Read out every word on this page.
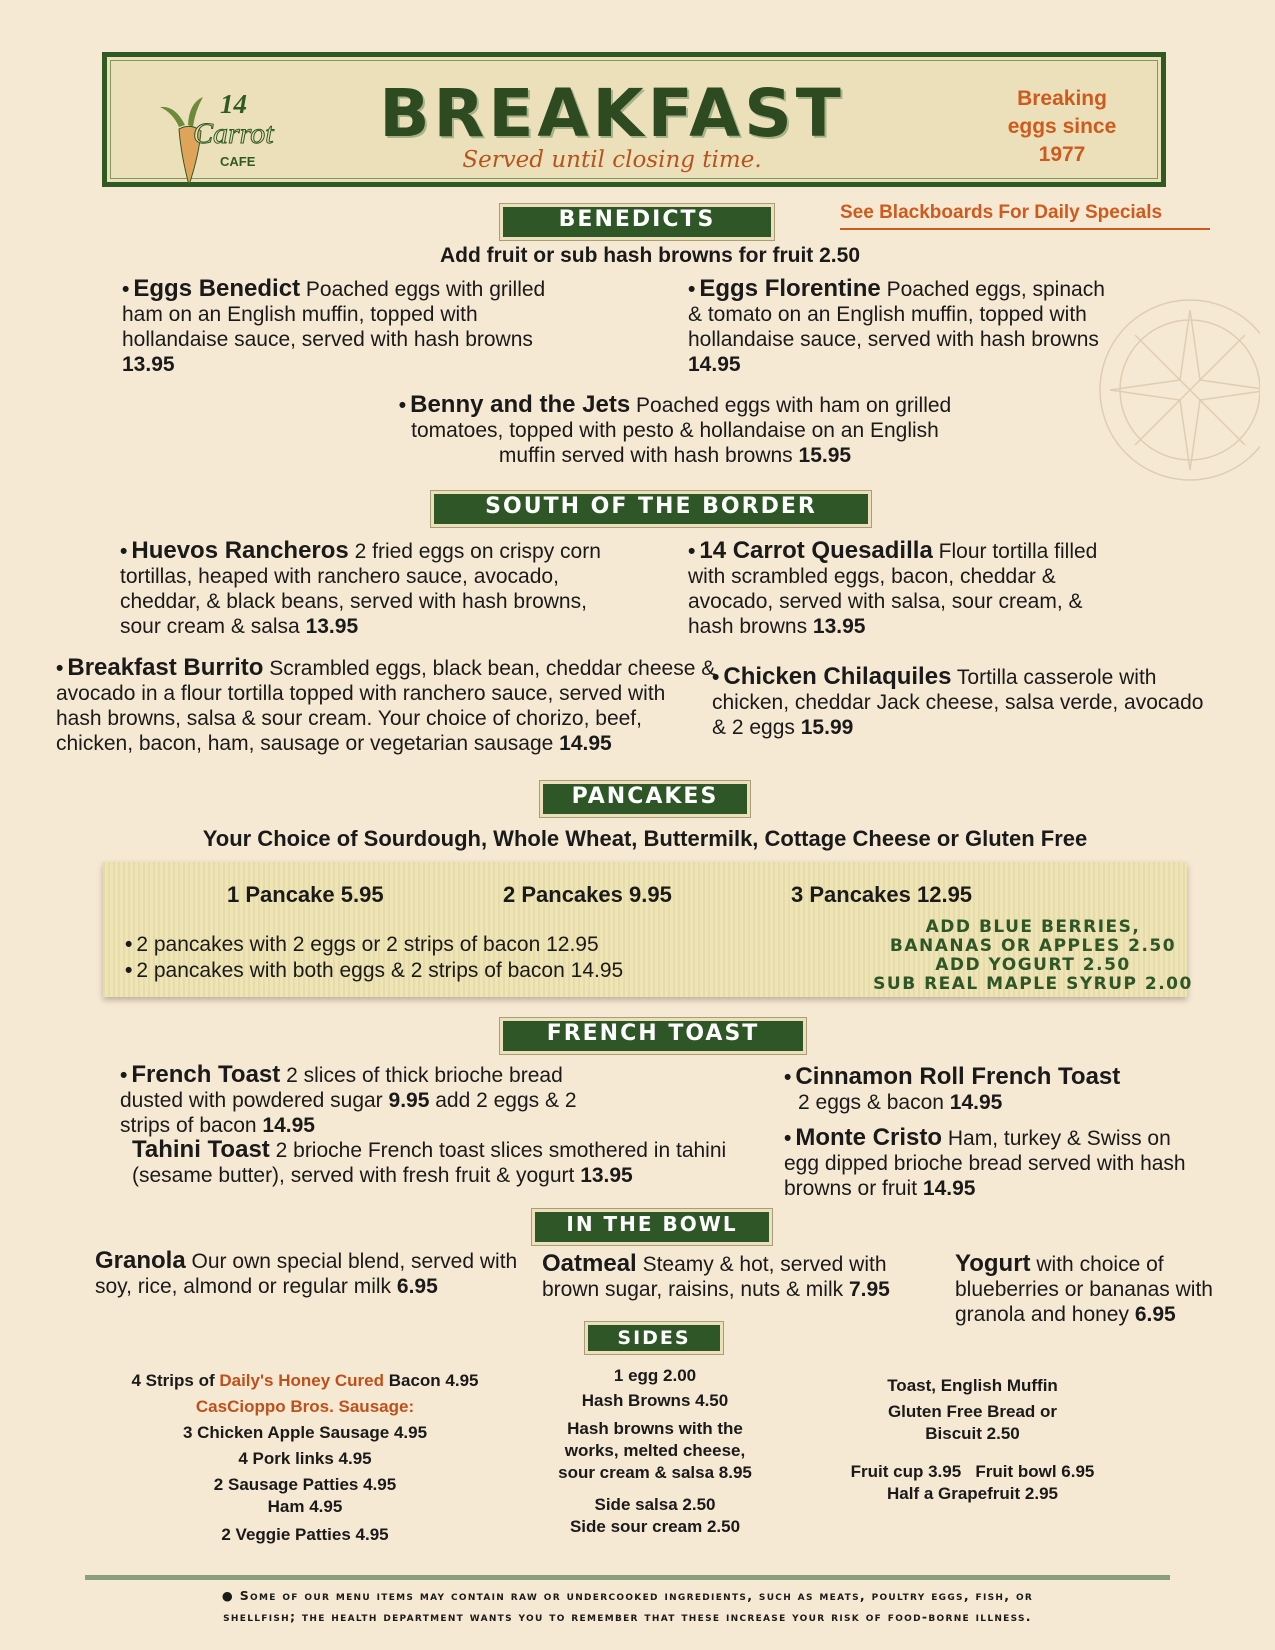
14
Carrot
CAFE
BREAKFAST
Served until closing time.
Breaking
eggs since
1977
BENEDICTS	See Blackboards For Daily Specials
Add fruit or sub hash browns for fruit 2.50
• Eggs Benedict Poached eggs with grilled ham on an English muffin, topped with hollandaise sauce, served with hash browns 13.95
• Eggs Florentine Poached eggs, spinach & tomato on an English muffin, topped with hollandaise sauce, served with hash browns 14.95
• Benny and the Jets Poached eggs with ham on grilled tomatoes, topped with pesto & hollandaise on an English muffin served with hash browns 15.95
SOUTH OF THE BORDER
• Huevos Rancheros 2 fried eggs on crispy corn tortillas, heaped with ranchero sauce, avocado, cheddar, & black beans, served with hash browns, sour cream & salsa 13.95
• 14 Carrot Quesadilla Flour tortilla filled with scrambled eggs, bacon, cheddar & avocado, served with salsa, sour cream, & hash browns 13.95
• Breakfast Burrito Scrambled eggs, black bean, cheddar cheese & avocado in a flour tortilla topped with ranchero sauce, served with hash browns, salsa & sour cream. Your choice of chorizo, beef, chicken, bacon, ham, sausage or vegetarian sausage 14.95
• Chicken Chilaquiles Tortilla casserole with chicken, cheddar Jack cheese, salsa verde, avocado & 2 eggs 15.99
PANCAKES
Your Choice of Sourdough, Whole Wheat, Buttermilk, Cottage Cheese or Gluten Free
1 Pancake 5.95	2 Pancakes 9.95	3 Pancakes 12.95
• 2 pancakes with 2 eggs or 2 strips of bacon 12.95
• 2 pancakes with both eggs & 2 strips of bacon 14.95
ADD BLUE BERRIES,
BANANAS OR APPLES 2.50
ADD YOGURT 2.50
SUB REAL MAPLE SYRUP 2.00
FRENCH TOAST
• French Toast 2 slices of thick brioche bread dusted with powdered sugar 9.95 add 2 eggs & 2 strips of bacon 14.95
Tahini Toast 2 brioche French toast slices smothered in tahini (sesame butter), served with fresh fruit & yogurt 13.95
• Cinnamon Roll French Toast
2 eggs & bacon 14.95
• Monte Cristo Ham, turkey & Swiss on egg dipped brioche bread served with hash browns or fruit 14.95
IN THE BOWL
Granola Our own special blend, served with soy, rice, almond or regular milk 6.95
Oatmeal Steamy & hot, served with brown sugar, raisins, nuts & milk 7.95
Yogurt with choice of blueberries or bananas with granola and honey 6.95
SIDES
4 Strips of Daily's Honey Cured Bacon 4.95
CasCioppo Bros. Sausage:
3 Chicken Apple Sausage 4.95
4 Pork links 4.95
2 Sausage Patties 4.95
Ham 4.95
2 Veggie Patties 4.95
1 egg 2.00
Hash Browns 4.50
Hash browns with the
works, melted cheese,
sour cream & salsa 8.95
Side salsa 2.50
Side sour cream 2.50
Toast, English Muffin
Gluten Free Bread or
Biscuit 2.50
Fruit cup 3.95   Fruit bowl 6.95
Half a Grapefruit 2.95
● Some of our menu items may contain raw or undercooked ingredients, such as meats, poultry eggs, fish, or
shellfish; the health department wants you to remember that these increase your risk of food-borne illness.
